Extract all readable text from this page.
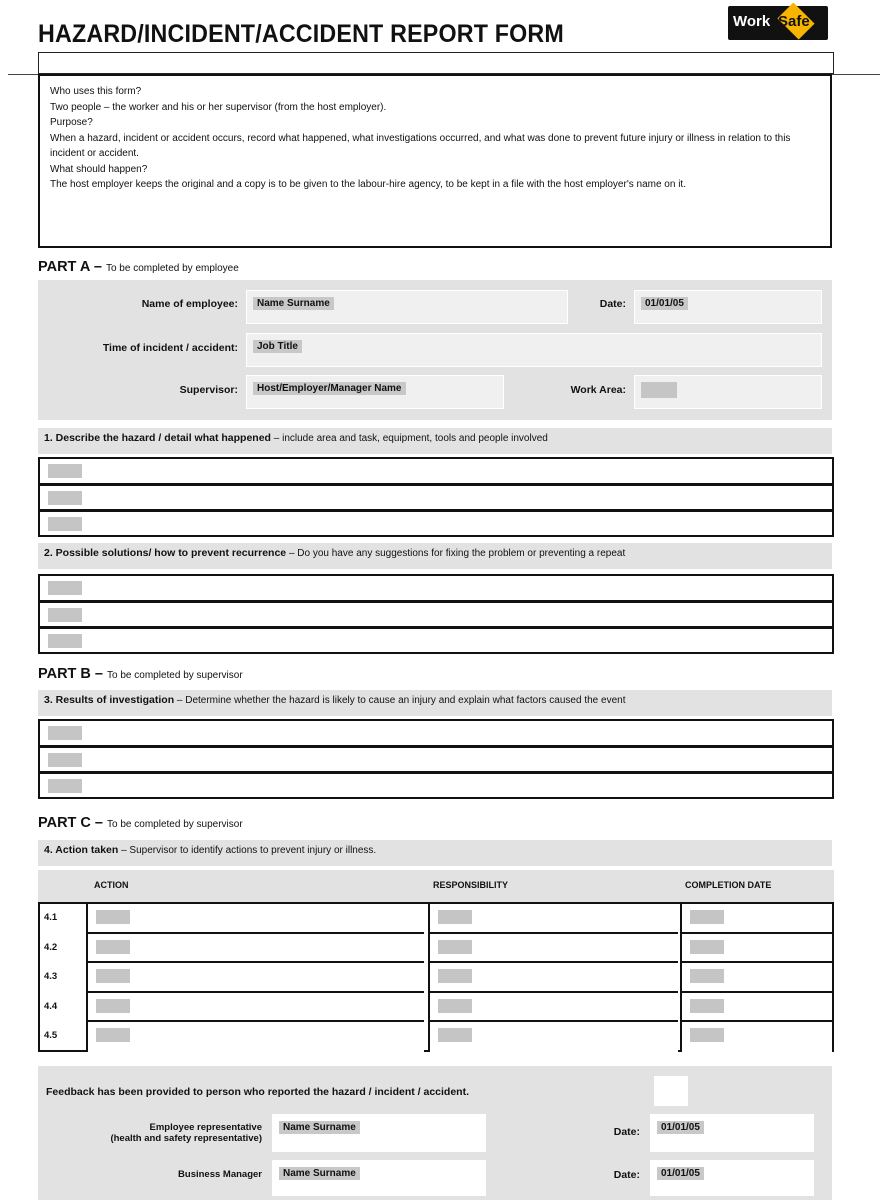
HAZARD/INCIDENT/ACCIDENT REPORT FORM	Work Safe

Who uses this form?

Two people – the worker and his or her supervisor (from the host employer).

Purpose?

When a hazard, incident or accident occurs, record what happened, what investigations occurred, and what was done to prevent future injury or illness in relation to this incident or accident.

What should happen?

The host employer keeps the original and a copy is to be given to the labour-hire agency, to be kept in a file with the host employer's name on it.

PART A – To be completed by employee
Name of employee:	Name Surname	Date:	01/01/05
Time of incident / accident:	Job Title
Supervisor:	Host/Employer/Manager Name	Work Area:
1. Describe the hazard / detail what happened – include area and task, equipment, tools and people involved
2. Possible solutions/ how to prevent recurrence – Do you have any suggestions for fixing the problem or preventing a repeat
PART B – To be completed by supervisor
3. Results of investigation – Determine whether the hazard is likely to cause an injury and explain what factors caused the event
PART C – To be completed by supervisor
4. Action taken – Supervisor to identify actions to prevent injury or illness.
ACTION	RESPONSIBILITY	COMPLETION DATE
4.1
4.2
4.3
4.4
4.5
Feedback has been provided to person who reported the hazard / incident / accident.
Employee representative
(health and safety representative)
Name Surname	Date:	01/01/05
Business Manager	Name Surname	Date:	01/01/05
